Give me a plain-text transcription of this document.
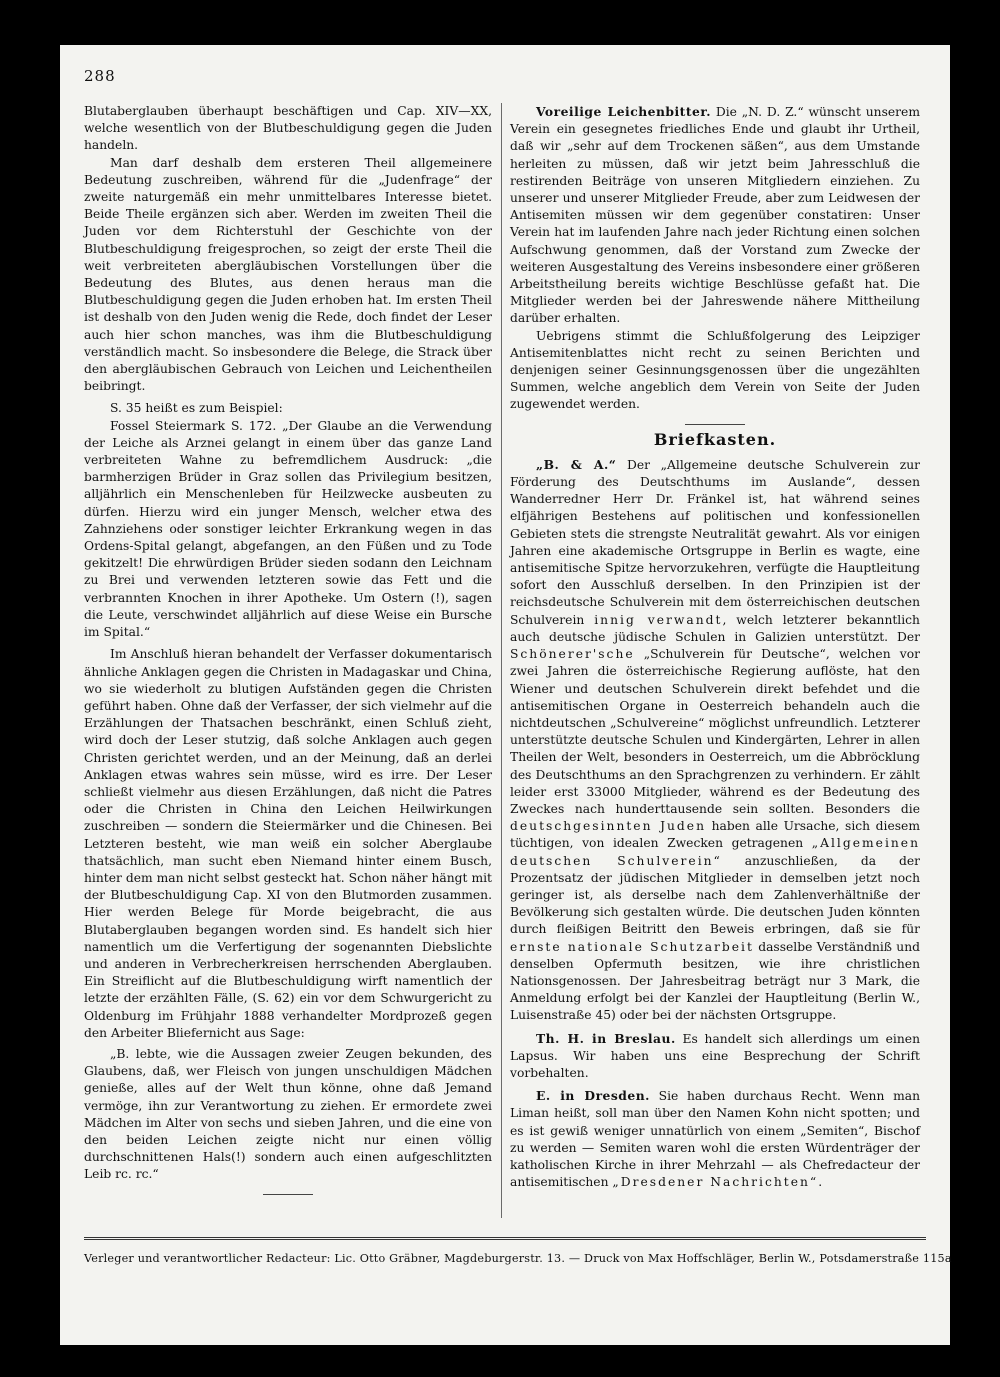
288

Blutaberglauben überhaupt beschäftigen und Cap. XIV—XX, welche wesentlich von der Blutbeschuldigung gegen die Juden handeln.

Man darf deshalb dem ersteren Theil allgemeinere Bedeutung zuschreiben, während für die „Judenfrage“ der zweite naturgemäß ein mehr unmittelbares Interesse bietet. Beide Theile ergänzen sich aber. Werden im zweiten Theil die Juden vor dem Richterstuhl der Geschichte von der Blutbeschuldigung freigesprochen, so zeigt der erste Theil die weit verbreiteten abergläubischen Vorstellungen über die Bedeutung des Blutes, aus denen heraus man die Blutbeschuldigung gegen die Juden erhoben hat. Im ersten Theil ist deshalb von den Juden wenig die Rede, doch findet der Leser auch hier schon manches, was ihm die Blutbeschuldigung verständlich macht. So insbesondere die Belege, die Strack über den abergläubischen Gebrauch von Leichen und Leichentheilen beibringt.

S. 35 heißt es zum Beispiel:

Fossel Steiermark S. 172. „Der Glaube an die Verwendung der Leiche als Arznei gelangt in einem über das ganze Land verbreiteten Wahne zu befremdlichem Ausdruck: „die barmherzigen Brüder in Graz sollen das Privilegium besitzen, alljährlich ein Menschenleben für Heilzwecke ausbeuten zu dürfen. Hierzu wird ein junger Mensch, welcher etwa des Zahnziehens oder sonstiger leichter Erkrankung wegen in das Ordens-Spital gelangt, abgefangen, an den Füßen und zu Tode gekitzelt! Die ehrwürdigen Brüder sieden sodann den Leichnam zu Brei und verwenden letzteren sowie das Fett und die verbrannten Knochen in ihrer Apotheke. Um Ostern (!), sagen die Leute, verschwindet alljährlich auf diese Weise ein Bursche im Spital.“

Im Anschluß hieran behandelt der Verfasser dokumentarisch ähnliche Anklagen gegen die Christen in Madagaskar und China, wo sie wiederholt zu blutigen Aufständen gegen die Christen geführt haben. Ohne daß der Verfasser, der sich vielmehr auf die Erzählungen der Thatsachen beschränkt, einen Schluß zieht, wird doch der Leser stutzig, daß solche Anklagen auch gegen Christen gerichtet werden, und an der Meinung, daß an derlei Anklagen etwas wahres sein müsse, wird es irre. Der Leser schließt vielmehr aus diesen Erzählungen, daß nicht die Patres oder die Christen in China den Leichen Heilwirkungen zuschreiben — sondern die Steiermärker und die Chinesen. Bei Letzteren besteht, wie man weiß ein solcher Aberglaube thatsächlich, man sucht eben Niemand hinter einem Busch, hinter dem man nicht selbst gesteckt hat. Schon näher hängt mit der Blutbeschuldigung Cap. XI von den Blutmorden zusammen. Hier werden Belege für Morde beigebracht, die aus Blutaberglauben begangen worden sind. Es handelt sich hier namentlich um die Verfertigung der sogenannten Diebslichte und anderen in Verbrecherkreisen herrschenden Aberglauben. Ein Streiflicht auf die Blutbeschuldigung wirft namentlich der letzte der erzählten Fälle, (S. 62) ein vor dem Schwurgericht zu Oldenburg im Frühjahr 1888 verhandelter Mordprozeß gegen den Arbeiter Bliefernicht aus Sage:

„B. lebte, wie die Aussagen zweier Zeugen bekunden, des Glaubens, daß, wer Fleisch von jungen unschuldigen Mädchen genieße, alles auf der Welt thun könne, ohne daß Jemand vermöge, ihn zur Verantwortung zu ziehen. Er ermordete zwei Mädchen im Alter von sechs und sieben Jahren, und die eine von den beiden Leichen zeigte nicht nur einen völlig durchschnittenen Hals(!) sondern auch einen aufgeschlitzten Leib rc. rc.“

Voreilige Leichenbitter. Die „N. D. Z.“ wünscht unserem Verein ein gesegnetes friedliches Ende und glaubt ihr Urtheil, daß wir „sehr auf dem Trockenen säßen“, aus dem Umstande herleiten zu müssen, daß wir jetzt beim Jahresschluß die restirenden Beiträge von unseren Mitgliedern einziehen. Zu unserer und unserer Mitglieder Freude, aber zum Leidwesen der Antisemiten müssen wir dem gegenüber constatiren: Unser Verein hat im laufenden Jahre nach jeder Richtung einen solchen Aufschwung genommen, daß der Vorstand zum Zwecke der weiteren Ausgestaltung des Vereins insbesondere einer größeren Arbeitstheilung bereits wichtige Beschlüsse gefaßt hat. Die Mitglieder werden bei der Jahreswende nähere Mittheilung darüber erhalten.

Uebrigens stimmt die Schlußfolgerung des Leipziger Antisemitenblattes nicht recht zu seinen Berichten und denjenigen seiner Gesinnungsgenossen über die ungezählten Summen, welche angeblich dem Verein von Seite der Juden zugewendet werden.

Briefkasten.

„B. & A.“ Der „Allgemeine deutsche Schulverein zur Förderung des Deutschthums im Auslande“, dessen Wanderredner Herr Dr. Fränkel ist, hat während seines elfjährigen Bestehens auf politischen und konfessionellen Gebieten stets die strengste Neutralität gewahrt. Als vor einigen Jahren eine akademische Ortsgruppe in Berlin es wagte, eine antisemitische Spitze hervorzukehren, verfügte die Hauptleitung sofort den Ausschluß derselben. In den Prinzipien ist der reichsdeutsche Schulverein mit dem österreichischen deutschen Schulverein innig verwandt, welch letzterer bekanntlich auch deutsche jüdische Schulen in Galizien unterstützt. Der Schönerer'sche „Schulverein für Deutsche“, welchen vor zwei Jahren die österreichische Regierung auflöste, hat den Wiener und deutschen Schulverein direkt befehdet und die antisemitischen Organe in Oesterreich behandeln auch die nichtdeutschen „Schulvereine“ möglichst unfreundlich. Letzterer unterstützte deutsche Schulen und Kindergärten, Lehrer in allen Theilen der Welt, besonders in Oesterreich, um die Abbröcklung des Deutschthums an den Sprachgrenzen zu verhindern. Er zählt leider erst 33000 Mitglieder, während es der Bedeutung des Zweckes nach hunderttausende sein sollten. Besonders die deutschgesinnten Juden haben alle Ursache, sich diesem tüchtigen, von idealen Zwecken getragenen „Allgemeinen deutschen Schulverein“ anzuschließen, da der Prozentsatz der jüdischen Mitglieder in demselben jetzt noch geringer ist, als derselbe nach dem Zahlenverhältniße der Bevölkerung sich gestalten würde. Die deutschen Juden könnten durch fleißigen Beitritt den Beweis erbringen, daß sie für ernste nationale Schutzarbeit dasselbe Verständniß und denselben Opfermuth besitzen, wie ihre christlichen Nationsgenossen. Der Jahresbeitrag beträgt nur 3 Mark, die Anmeldung erfolgt bei der Kanzlei der Hauptleitung (Berlin W., Luisenstraße 45) oder bei der nächsten Ortsgruppe.

Th. H. in Breslau. Es handelt sich allerdings um einen Lapsus. Wir haben uns eine Besprechung der Schrift vorbehalten.

E. in Dresden. Sie haben durchaus Recht. Wenn man Liman heißt, soll man über den Namen Kohn nicht spotten; und es ist gewiß weniger unnatürlich von einem „Semiten“, Bischof zu werden — Semiten waren wohl die ersten Würdenträger der katholischen Kirche in ihrer Mehrzahl — als Chefredacteur der antisemitischen „Dresdener Nachrichten“.

Verleger und verantwortlicher Redacteur: Lic. Otto Gräbner, Magdeburgerstr. 13. — Druck von Max Hoffschläger, Berlin W., Potsdamerstraße 115a
